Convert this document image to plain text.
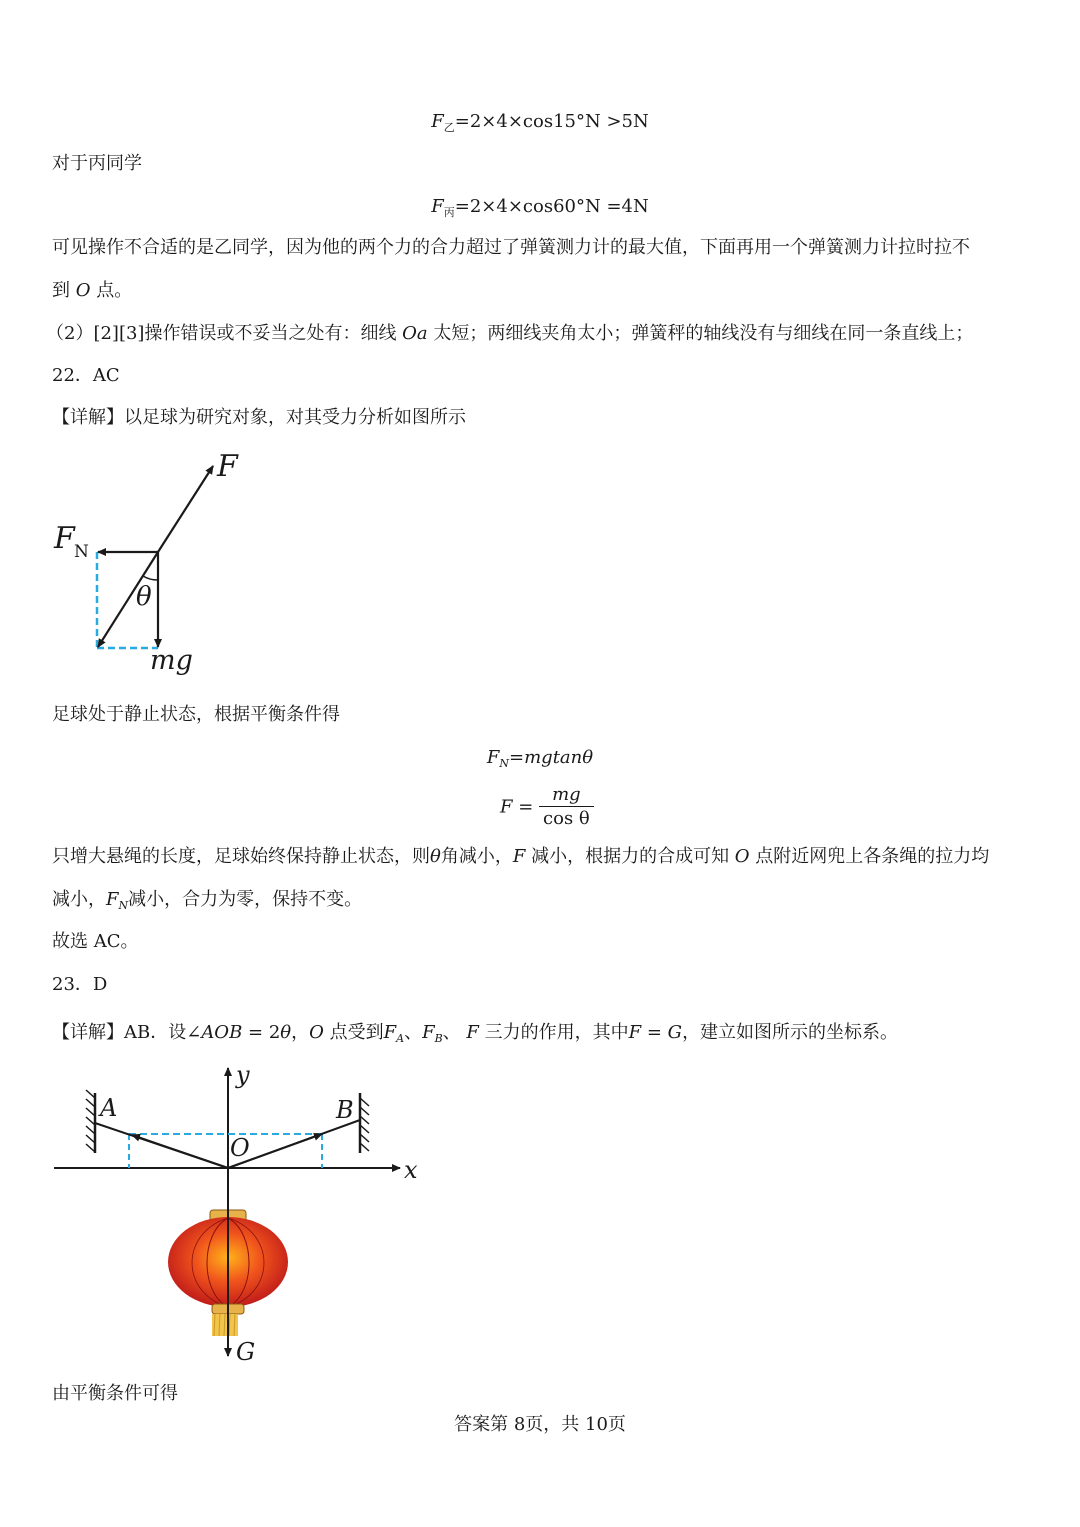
$F_乙=2\times 4\times\cos 15^\circ N >5N$
对于丙同学
$F_丙=2\times 4\times\cos 60^\circ N =4N$
可见操作不合适的是乙同学，因为他的两个力的合力超过了弹簧测力计的最大值，下面再用一个弹簧测力计拉时拉不
到 O 点。
（2）[2][3]操作错误或不妥当之处有：细线 Oa 太短；两细线夹角太小；弹簧秤的轴线没有与细线在同一条直线上；
22．AC
【详解】以足球为研究对象，对其受力分析如图所示
F
F N
θ
mg
足球处于静止状态，根据平衡条件得
$F_N=mgtan\theta$
$F = \frac{mg}{\text{cos θ}}$
只增大悬绳的长度，足球始终保持静止状态，则θ角减小，F 减小，根据力的合成可知 O 点附近网兜上各条绳的拉力均
减小，$F_N$减小，合力为零，保持不变。
故选 AC。
23．D
【详解】AB．设∠AOB = 2θ，O 点受到$F_A$、$F_B$、 F 三力的作用，其中F = G，建立如图所示的坐标系。
y
x
A	B
O
G
由平衡条件可得
答案第 8页，共 10页
